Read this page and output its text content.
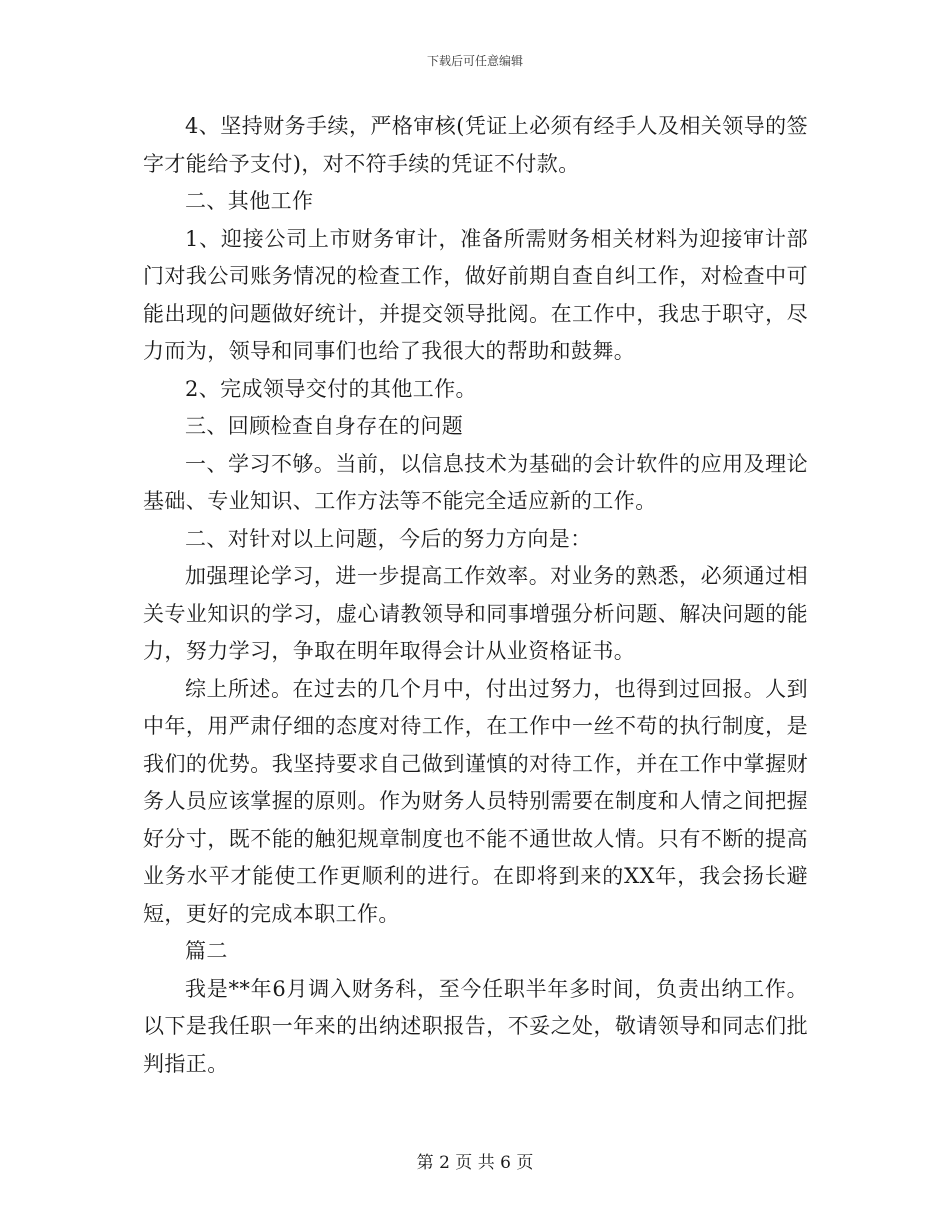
下载后可任意编辑

4、坚持财务手续，严格审核(凭证上必须有经手人及相关领导的签字才能给予支付)，对不符手续的凭证不付款。

二、其他工作

1、迎接公司上市财务审计，准备所需财务相关材料为迎接审计部门对我公司账务情况的检查工作，做好前期自查自纠工作，对检查中可能出现的问题做好统计，并提交领导批阅。在工作中，我忠于职守，尽力而为，领导和同事们也给了我很大的帮助和鼓舞。

2、完成领导交付的其他工作。

三、回顾检查自身存在的问题

一、学习不够。当前，以信息技术为基础的会计软件的应用及理论基础、专业知识、工作方法等不能完全适应新的工作。

二、对针对以上问题，今后的努力方向是：

加强理论学习，进一步提高工作效率。对业务的熟悉，必须通过相关专业知识的学习，虚心请教领导和同事增强分析问题、解决问题的能力，努力学习，争取在明年取得会计从业资格证书。

综上所述。在过去的几个月中，付出过努力，也得到过回报。人到中年，用严肃仔细的态度对待工作，在工作中一丝不苟的执行制度，是我们的优势。我坚持要求自己做到谨慎的对待工作，并在工作中掌握财务人员应该掌握的原则。作为财务人员特别需要在制度和人情之间把握好分寸，既不能的触犯规章制度也不能不通世故人情。只有不断的提高业务水平才能使工作更顺利的进行。在即将到来的XX年，我会扬长避短，更好的完成本职工作。

篇二

我是**年6月调入财务科，至今任职半年多时间，负责出纳工作。以下是我任职一年来的出纳述职报告，不妥之处，敬请领导和同志们批判指正。

第 2 页 共 6 页
